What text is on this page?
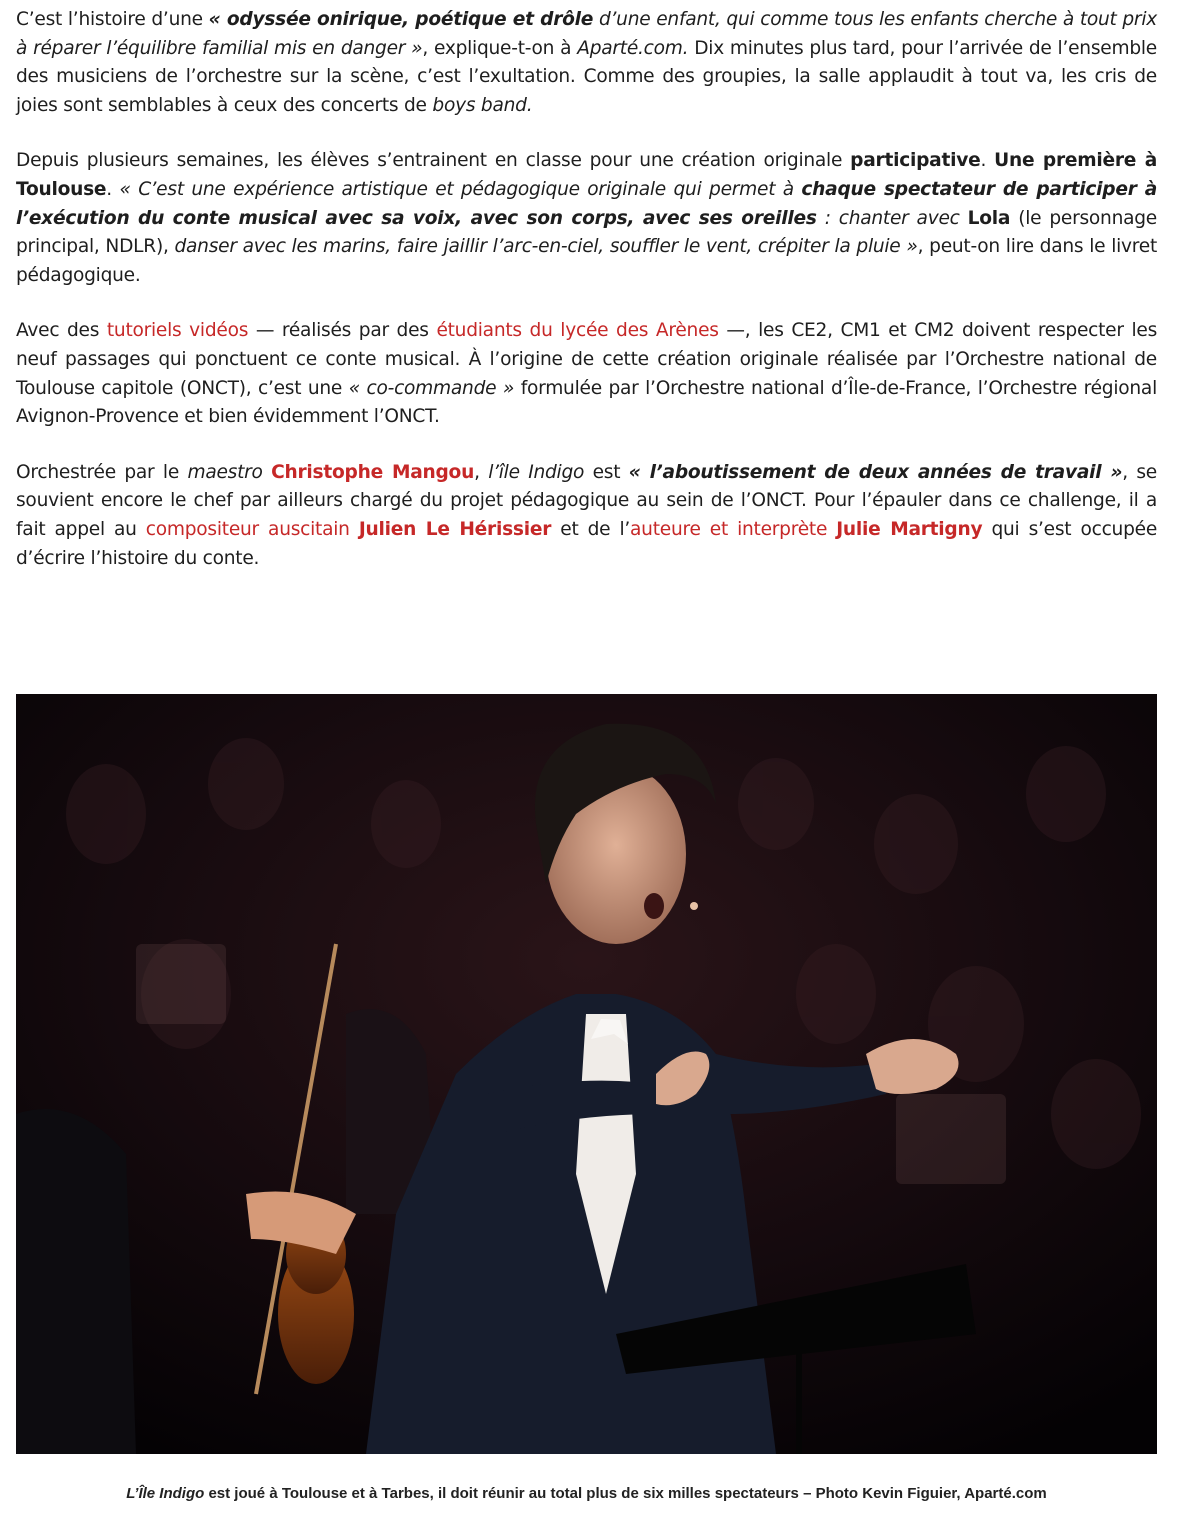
C’est l’histoire d’une « odyssée onirique, poétique et drôle d’une enfant, qui comme tous les enfants cherche à tout prix à réparer l’équilibre familial mis en danger », explique-t-on à Aparté.com. Dix minutes plus tard, pour l’arrivée de l’ensemble des musiciens de l’orchestre sur la scène, c’est l’exultation. Comme des groupies, la salle applaudit à tout va, les cris de joies sont semblables à ceux des concerts de boys band.

Depuis plusieurs semaines, les élèves s’entrainent en classe pour une création originale participative. Une première à Toulouse. « C’est une expérience artistique et pédagogique originale qui permet à chaque spectateur de participer à l’exécution du conte musical avec sa voix, avec son corps, avec ses oreilles : chanter avec Lola (le personnage principal, NDLR), danser avec les marins, faire jaillir l’arc-en-ciel, souffler le vent, crépiter la pluie », peut-on lire dans le livret pédagogique.

Avec des tutoriels vidéos — réalisés par des étudiants du lycée des Arènes —, les CE2, CM1 et CM2 doivent respecter les neuf passages qui ponctuent ce conte musical. À l’origine de cette création originale réalisée par l’Orchestre national de Toulouse capitole (ONCT), c’est une « co-commande » formulée par l’Orchestre national d’Île-de-France, l’Orchestre régional Avignon-Provence et bien évidemment l’ONCT.

Orchestrée par le maestro Christophe Mangou, l’île Indigo est « l’aboutissement de deux années de travail », se souvient encore le chef par ailleurs chargé du projet pédagogique au sein de l’ONCT. Pour l’épauler dans ce challenge, il a fait appel au compositeur auscitain Julien Le Hérissier et de l’auteure et interprète Julie Martigny qui s’est occupée d’écrire l’histoire du conte.

L’Île Indigo est joué à Toulouse et à Tarbes, il doit réunir au total plus de six milles spectateurs – Photo Kevin Figuier, Aparté.com
